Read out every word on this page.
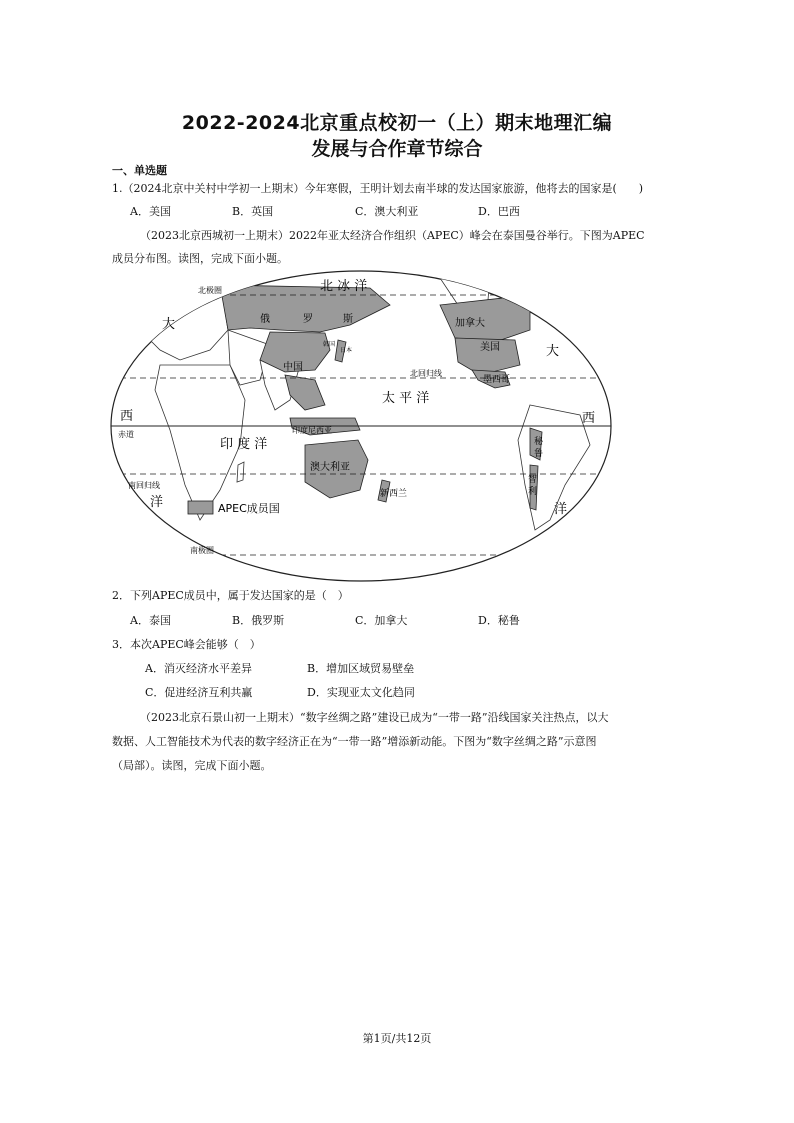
2022-2024北京重点校初一（上）期末地理汇编
发展与合作章节综合
一、单选题
1.（2024北京中关村中学初一上期末）今年寒假，王明计划去南半球的发达国家旅游，他将去的国家是(　　)
A．美国	B．英国	C．澳大利亚	D．巴西
（2023北京西城初一上期末）2022年亚太经济合作组织（APEC）峰会在泰国曼谷举行。下图为APEC
成员分布图。读图，完成下面小题。
北 冰 洋
太 平 洋
印 度 洋
大
西
洋
大
西
洋
北极圈
北回归线
赤道
南回归线
南极圈
俄	罗	斯	加拿大
美国
墨西哥
中国
日本
韩国
印度尼西亚
澳大利亚
新西兰
秘
鲁
智
利
APEC成员国
2．下列APEC成员中，属于发达国家的是（　）
A．泰国	B．俄罗斯	C．加拿大	D．秘鲁
3．本次APEC峰会能够（　）
A．消灭经济水平差异	B．增加区域贸易壁垒
C．促进经济互利共赢	D．实现亚太文化趋同
（2023北京石景山初一上期末）“数字丝绸之路”建设已成为“一带一路”沿线国家关注热点，以大
数据、人工智能技术为代表的数字经济正在为“一带一路”增添新动能。下图为“数字丝绸之路”示意图
（局部）。读图，完成下面小题。
第1页/共12页
